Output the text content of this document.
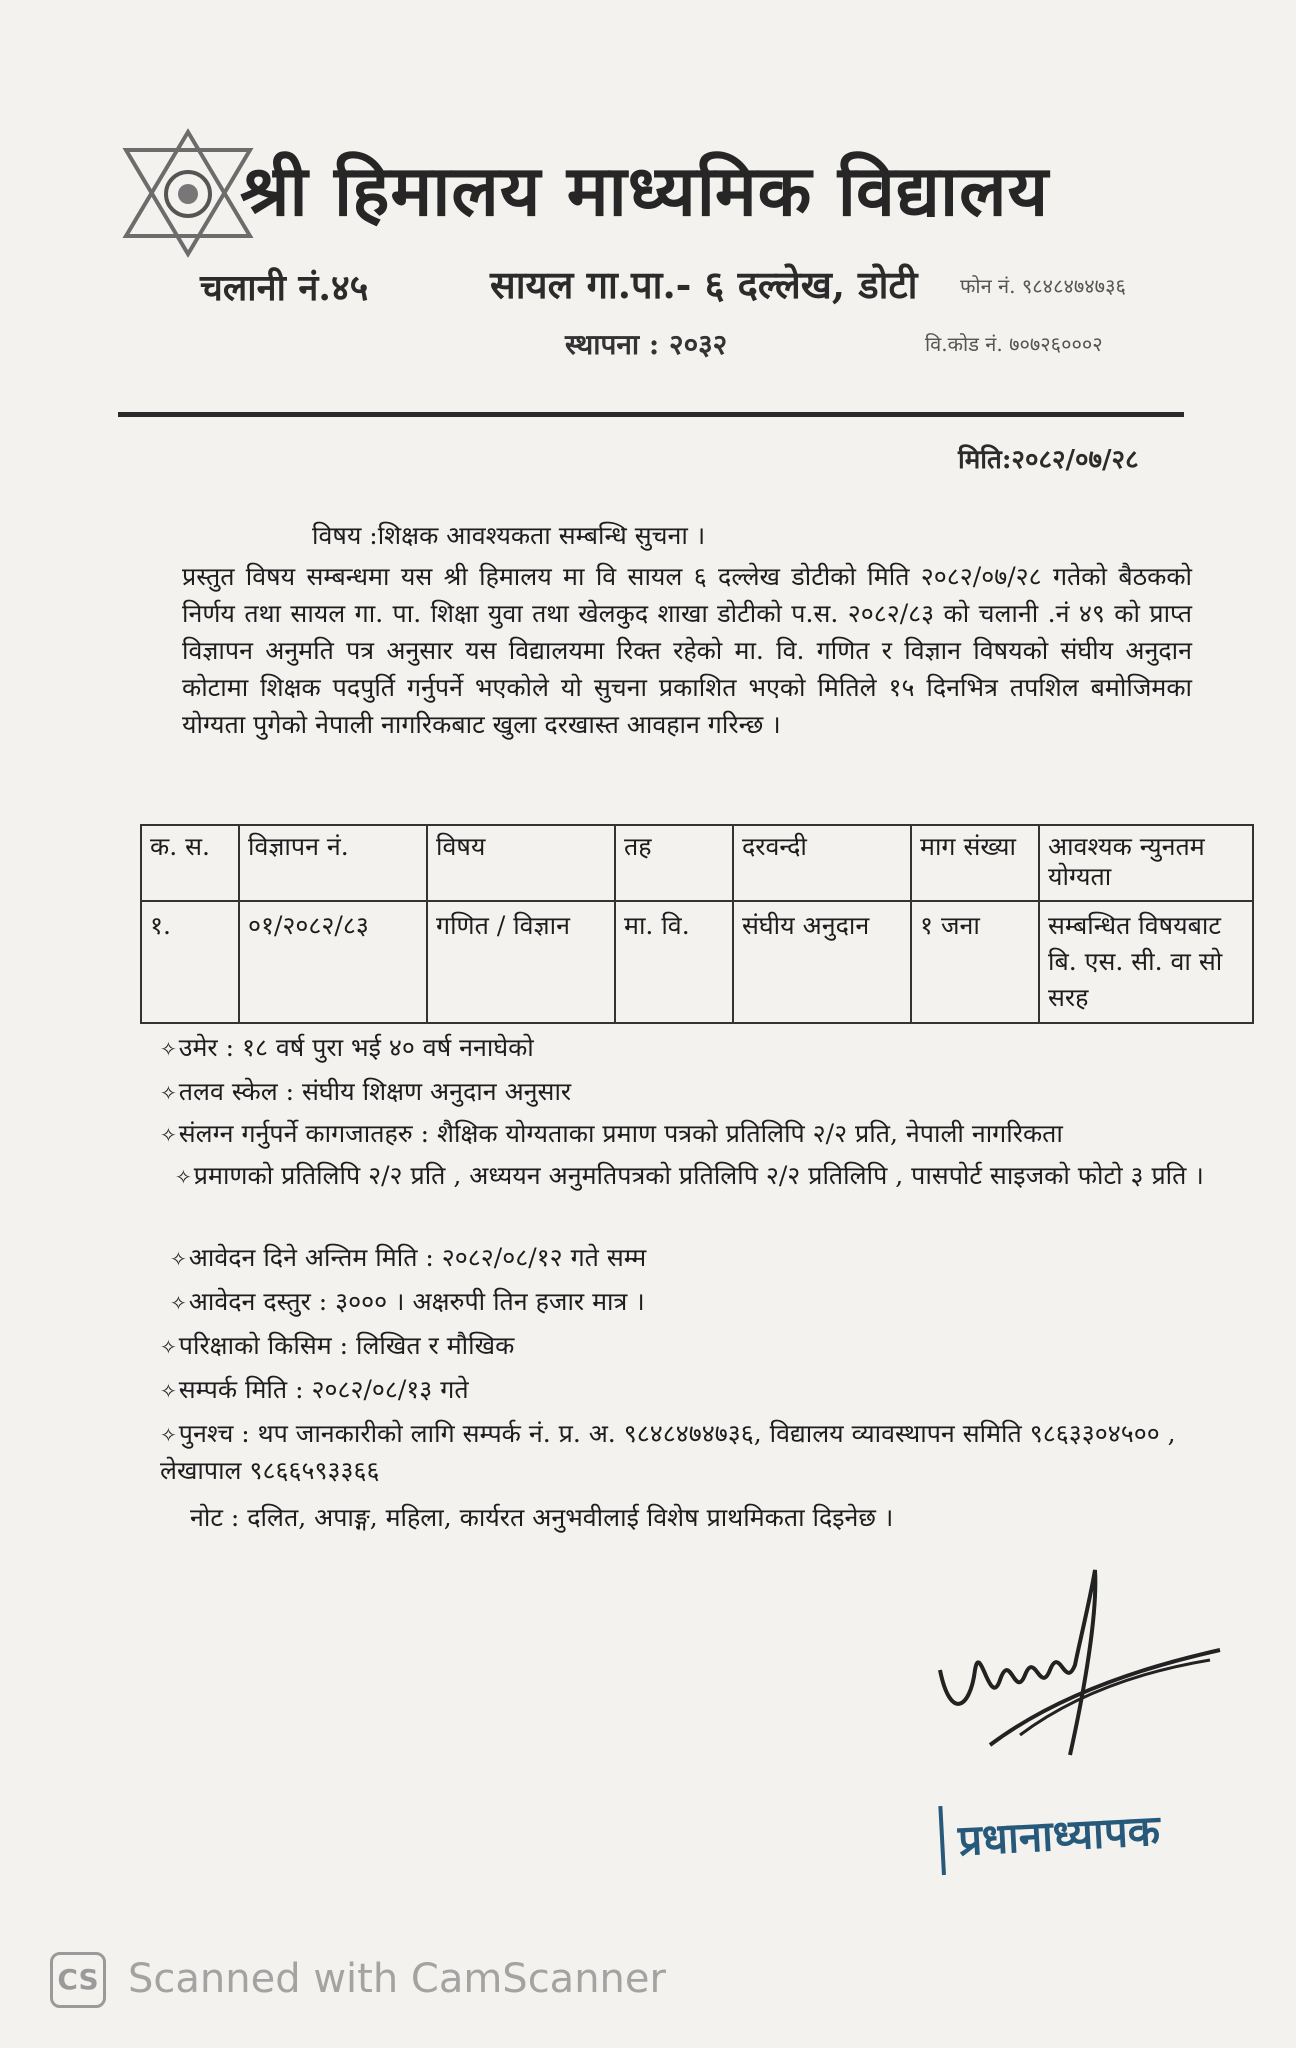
श्री हिमालय माध्यमिक विद्यालय
चलानी नं.४५	सायल गा.पा.- ६ दल्लेख, डोटी फोन नं. ९८४८४७४७३६
स्थापना : २०३२	वि.कोड नं. ७०७२६०००२
मिति:२०८२/०७/२८
विषय :शिक्षक आवश्यकता सम्बन्धि सुचना ।
प्रस्तुत विषय सम्बन्धमा यस श्री हिमालय मा वि सायल ६ दल्लेख डोटीको मिति २०८२/०७/२८ गतेको बैठकको निर्णय तथा सायल गा. पा. शिक्षा युवा तथा खेलकुद शाखा डोटीको प.स. २०८२/८३ को चलानी .नं ४९ को प्राप्त विज्ञापन अनुमति पत्र अनुसार यस विद्यालयमा रिक्त रहेको मा. वि. गणित र विज्ञान विषयको संघीय अनुदान कोटामा शिक्षक पदपुर्ति गर्नुपर्ने भएकोले यो सुचना प्रकाशित भएको मितिले १५ दिनभित्र तपशिल बमोजिमका योग्यता पुगेको नेपाली नागरिकबाट खुला दरखास्त आवहान गरिन्छ ।
क. स.	विज्ञापन नं.	विषय	तह	दरवन्दी	माग संख्या	आवश्यक न्युनतम योग्यता
१.	०१/२०८२/८३	गणित / विज्ञान	मा. वि.	संघीय अनुदान	१ जना	सम्बन्धित विषयबाट बि. एस. सी. वा सो सरह
✧उमेर : १८ वर्ष पुरा भई ४० वर्ष ननाघेको
✧तलव स्केल : संघीय शिक्षण अनुदान अनुसार
✧संलग्न गर्नुपर्ने कागजातहरु : शैक्षिक योग्यताका प्रमाण पत्रको प्रतिलिपि २/२ प्रति, नेपाली नागरिकता
✧प्रमाणको प्रतिलिपि २/२ प्रति , अध्ययन अनुमतिपत्रको प्रतिलिपि २/२ प्रतिलिपि , पासपोर्ट साइजको फोटो ३ प्रति ।
✧आवेदन दिने अन्तिम मिति : २०८२/०८/१२ गते सम्म
✧आवेदन दस्तुर : ३००० । अक्षरुपी तिन हजार मात्र ।
✧परिक्षाको किसिम : लिखित र मौखिक
✧सम्पर्क मिति : २०८२/०८/१३ गते
✧पुनश्च : थप जानकारीको लागि सम्पर्क नं. प्र. अ. ९८४८४७४७३६, विद्यालय व्यावस्थापन समिति ९८६३३०४५०० , लेखापाल ९८६६५९३३६६
नोट : दलित, अपाङ्ग, महिला, कार्यरत अनुभवीलाई विशेष प्राथमिकता दिइनेछ ।
प्रधानाध्यापक
CS Scanned with CamScanner
